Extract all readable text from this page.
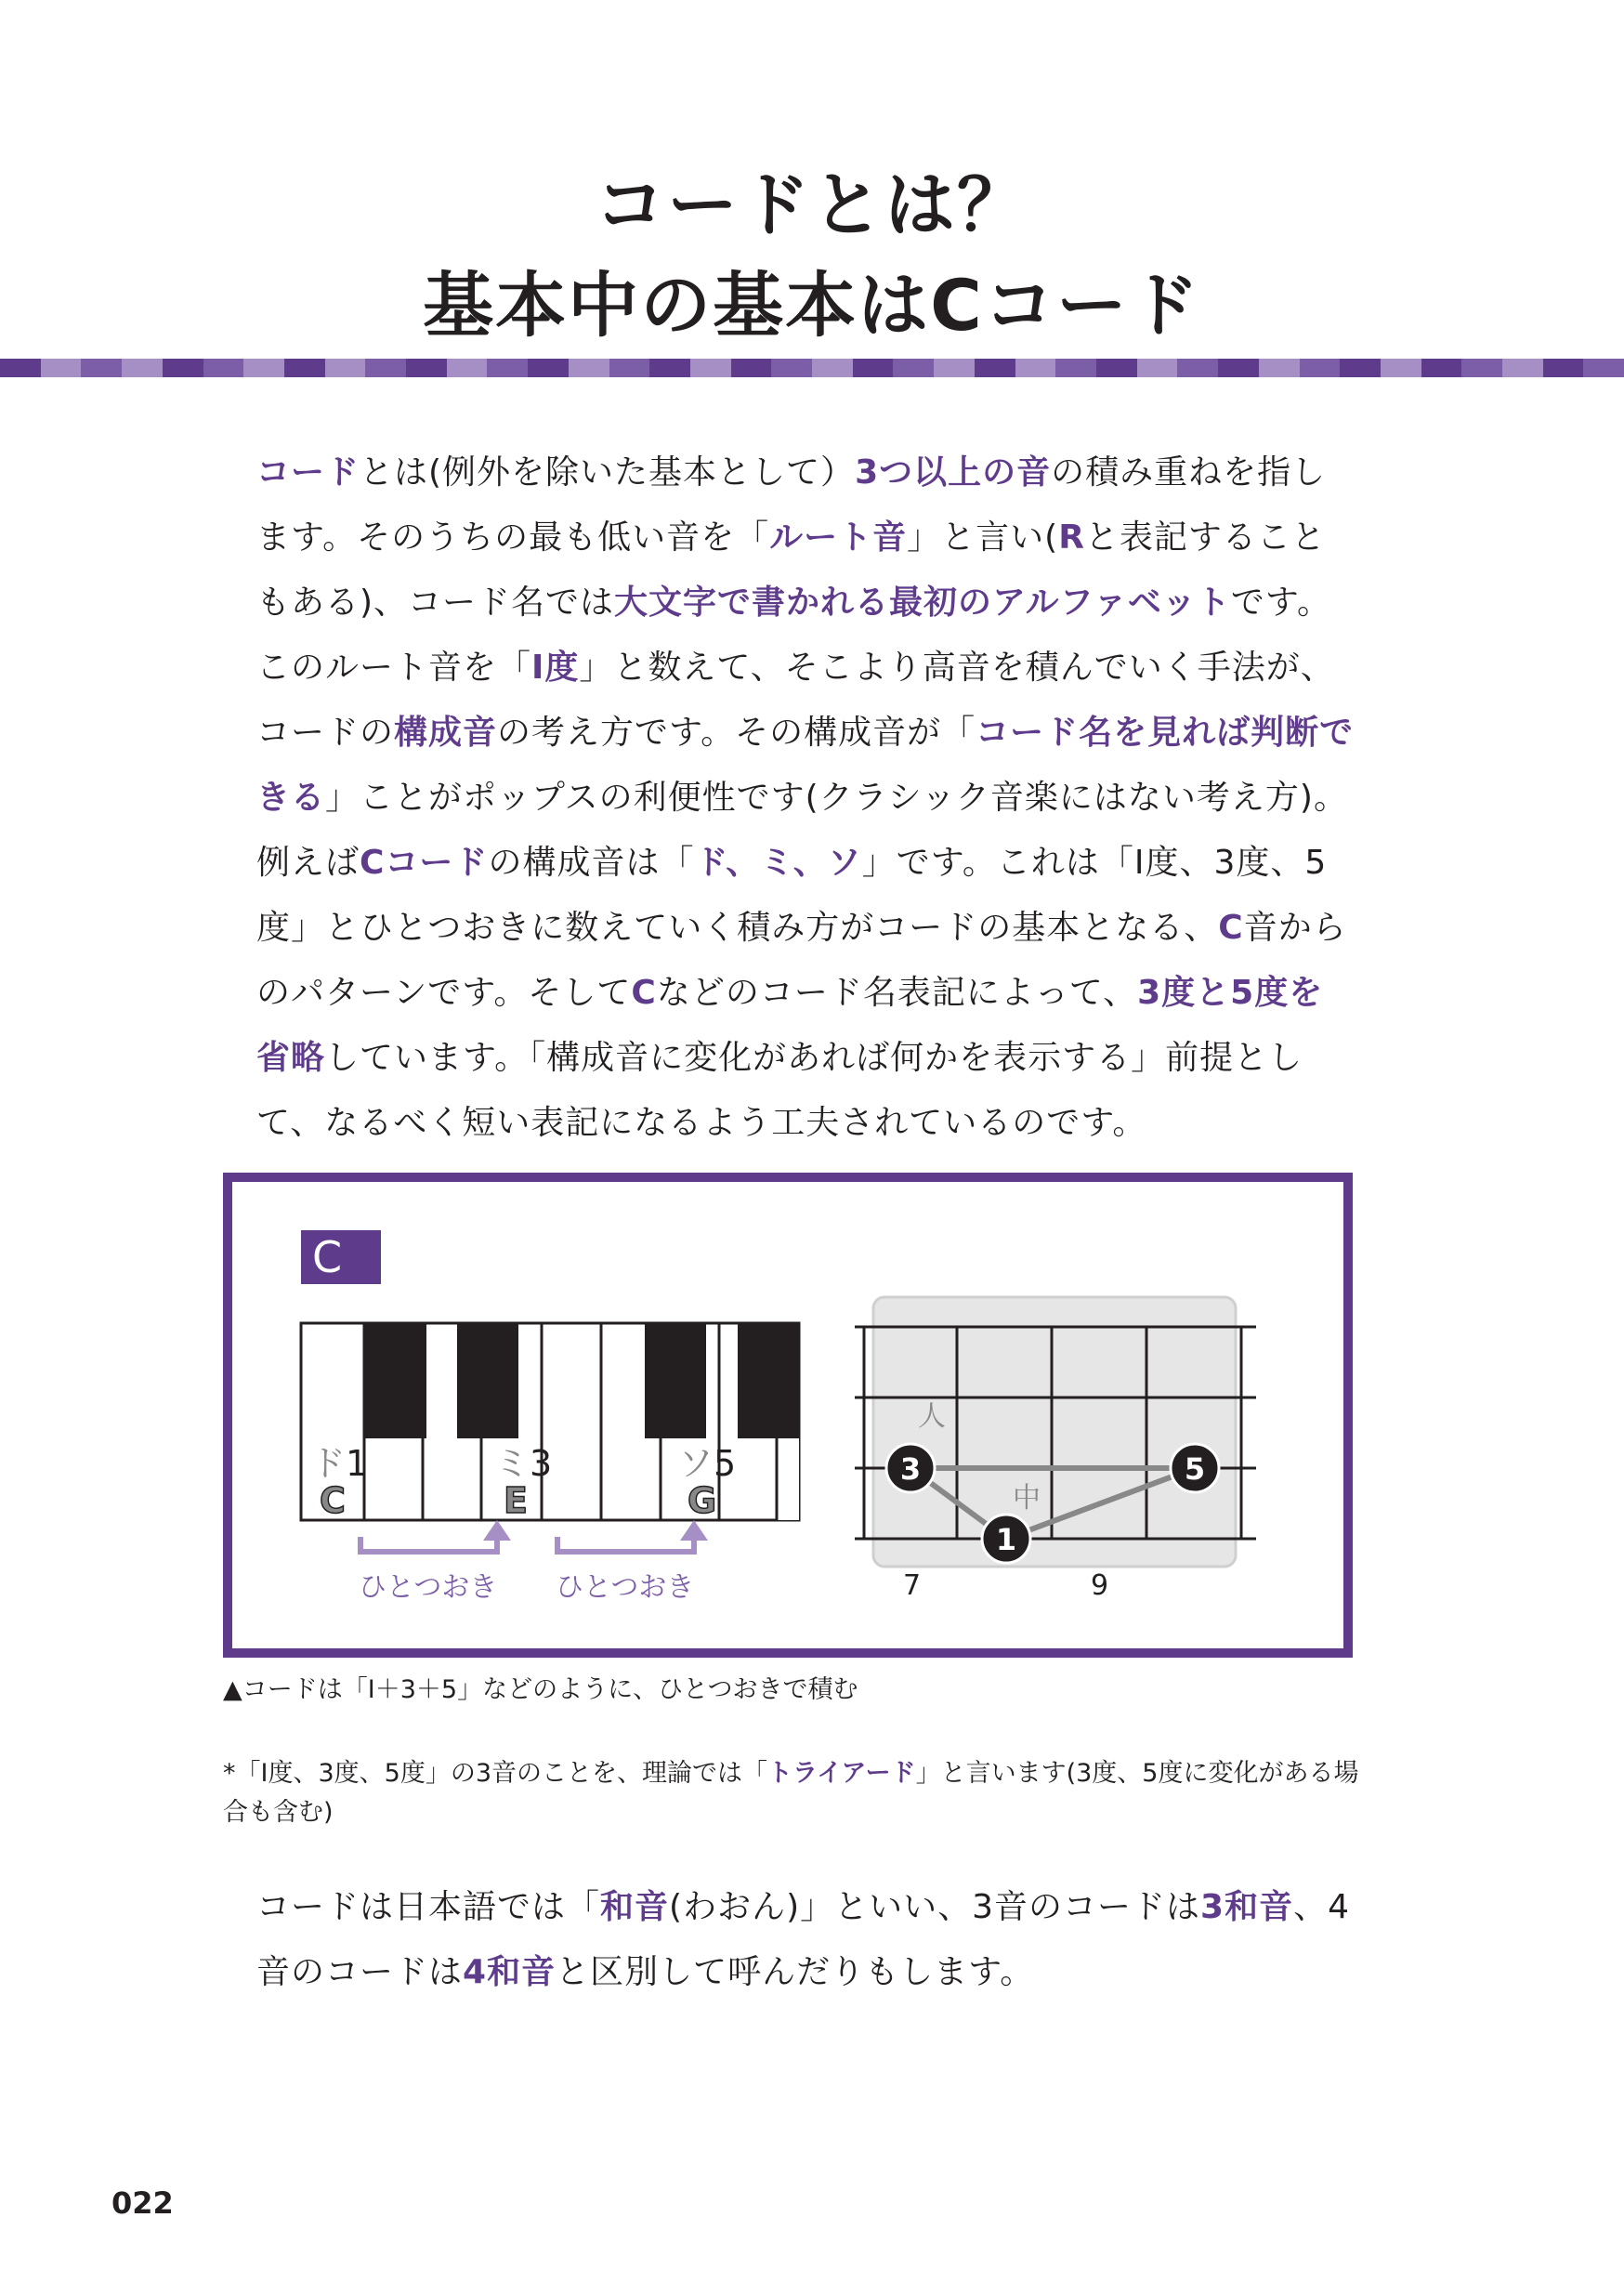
コードとは？
基本中の基本はCコード

コードとは(例外を除いた基本として）3つ以上の音の積み重ねを指します。そのうちの最も低い音を「ルート音」と言い(Rと表記することもある)、コード名では大文字で書かれる最初のアルファベットです。このルート音を「Ⅰ度」と数えて、そこより高音を積んでいく手法が、コードの構成音の考え方です。その構成音が「コード名を見れば判断できる」ことがポップスの利便性です(クラシック音楽にはない考え方)。

例えばCコードの構成音は「ド、ミ、ソ」です。これは「Ⅰ度、3度、5度」とひとつおきに数えていく積み方がコードの基本となる、C音からのパターンです。そしてCなどのコード名表記によって、3度と5度を省略しています。「構成音に変化があれば何かを表示する」前提として、なるべく短い表記になるよう工夫されているのです。

C
ド 1
C
ミ 3
E
ソ 5
G
ひとつおき ひとつおき
人
中
3
1
5
7	9

▲コードは「Ⅰ＋3＋5」などのように、ひとつおきで積む

*「Ⅰ度、3度、5度」の3音のことを、理論では「トライアード」と言います(3度、5度に変化がある場合も含む)

コードは日本語では「和音(わおん)」といい、3音のコードは3和音、4音のコードは4和音と区別して呼んだりもします。

022
